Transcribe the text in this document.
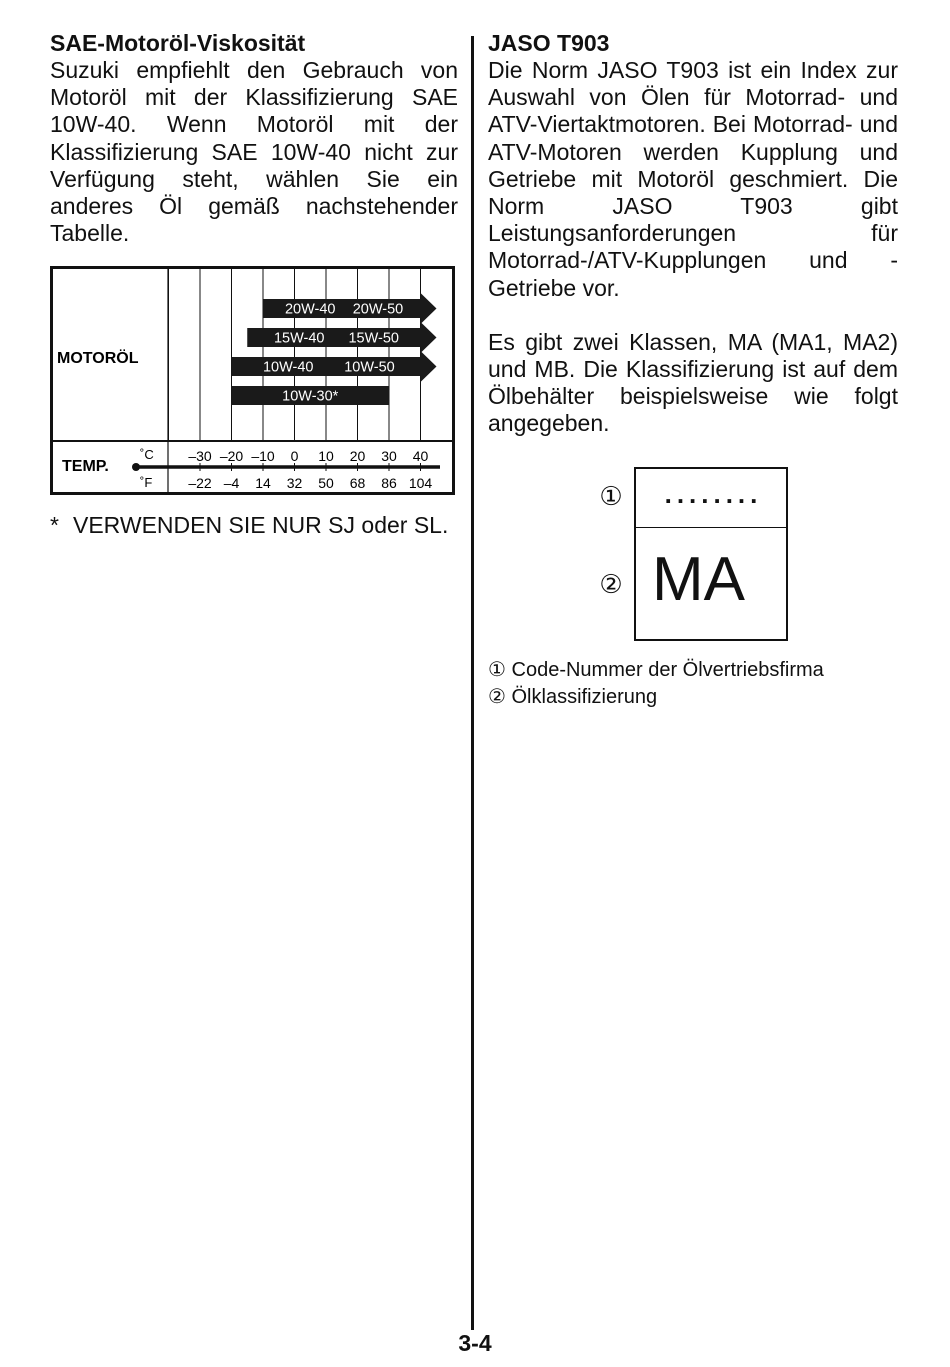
SAE-Motoröl-Viskosität

Suzuki empfiehlt den Gebrauch von Motoröl mit der Klassifizierung SAE 10W-40. Wenn Motoröl mit der Klassifizierung SAE 10W-40 nicht zur Verfügung steht, wählen Sie ein anderes Öl gemäß nachstehender Tabelle.

20W-40 20W-50
15W-40 15W-50
10W-40 10W-50
10W-30*
MOTORÖL
TEMP.
˚C
˚F
–30
–22
–20
–4
–10
14
0
32
10
50
20
68
30
86
40
104
* VERWENDEN SIE NUR SJ oder SL.
JASO T903

Die Norm JASO T903 ist ein Index zur Auswahl von Ölen für Motorrad- und ATV-Viertaktmotoren. Bei Motorrad- und ATV-Motoren werden Kupplung und Getriebe mit Motoröl geschmiert. Die Norm JASO T903 gibt Leistungsanforderungen für Motorrad-/ATV-Kupplungen und -Getriebe vor.

Es gibt zwei Klassen, MA (MA1, MA2) und MB. Die Klassifizierung ist auf dem Ölbehälter beispielsweise wie folgt angegeben.

①
②
........
MA
① Code-Nummer der Ölvertriebsfirma
② Ölklassifizierung
3-4
